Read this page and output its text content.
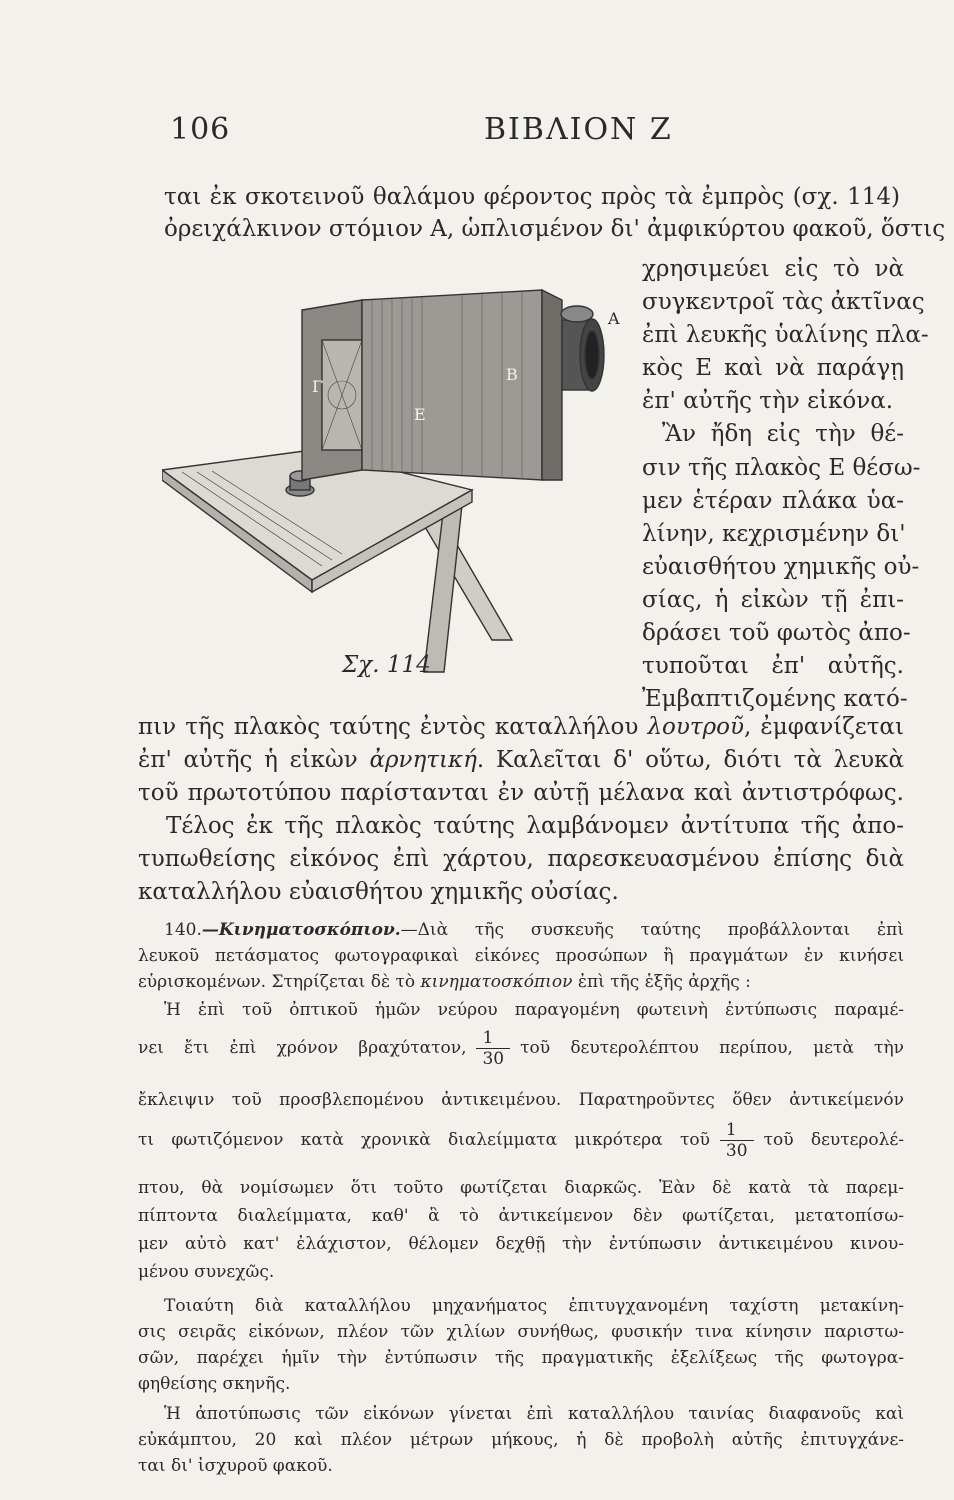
106	ΒΙΒΛΙΟΝ Ζ
ται ἐκ σκοτεινοῦ θαλάμου φέροντος πρὸς τὰ ἐμπρὸς (σχ. 114)
ὀρειχάλκινον στόμιον A, ὡπλισμένον δι' ἀμφικύρτου φακοῦ, ὅστις
χρησιμεύει εἰς τὸ νὰ
συγκεντροῖ τὰς ἀκτῖνας
ἐπὶ λευκῆς ὑαλίνης πλα-
κὸς E καὶ νὰ παράγῃ
ἐπ' αὐτῆς τὴν εἰκόνα.
Ἂν ἤδη εἰς τὴν θέ-
σιν τῆς πλακὸς E θέσω-
μεν ἑτέραν πλάκα ὑα-
λίνην, κεχρισμένην δι'
εὐαισθήτου χημικῆς οὐ-
σίας, ἡ εἰκὼν τῇ ἐπι-
δράσει τοῦ φωτὸς ἀπο-
τυποῦται ἐπ' αὐτῆς.
Ἐμβαπτιζομένης κατό-
Γ
E
B
A
Σχ. 114
πιν τῆς πλακὸς ταύτης ἐντὸς καταλλήλου λουτροῦ, ἐμφανίζεται
ἐπ' αὐτῆς ἡ εἰκὼν ἀρνητική. Καλεῖται δ' οὕτω, διότι τὰ λευκὰ
τοῦ πρωτοτύπου παρίστανται ἐν αὐτῇ μέλανα καὶ ἀντιστρόφως.
Τέλος ἐκ τῆς πλακὸς ταύτης λαμβάνομεν ἀντίτυπα τῆς ἀπο-
τυπωθείσης εἰκόνος ἐπὶ χάρτου, παρεσκευασμένου ἐπίσης διὰ
καταλλήλου εὐαισθήτου χημικῆς οὐσίας.
140.—Κινηματοσκόπιον.—Διὰ τῆς συσκευῆς ταύτης προβάλλονται ἐπὶ
λευκοῦ πετάσματος φωτογραφικαὶ εἰκόνες προσώπων ἢ πραγμάτων ἐν κινήσει
εὑρισκομένων. Στηρίζεται δὲ τὸ κινηματοσκόπιον ἐπὶ τῆς ἑξῆς ἀρχῆς :
Ἡ ἐπὶ τοῦ ὀπτικοῦ ἡμῶν νεύρου παραγομένη φωτεινὴ ἐντύπωσις παραμέ-
νει ἔτι ἐπὶ χρόνον βραχύτατον, $\frac{1}{30}$ τοῦ δευτερολέπτου περίπου, μετὰ τὴν
ἔκλειψιν τοῦ προσβλεπομένου ἀντικειμένου. Παρατηροῦντες ὅθεν ἀντικείμενόν
τι φωτιζόμενον κατὰ χρονικὰ διαλείμματα μικρότερα τοῦ $\frac{1}{30}$ τοῦ δευτερολέ-
πτου, θὰ νομίσωμεν ὅτι τοῦτο φωτίζεται διαρκῶς. Ἐὰν δὲ κατὰ τὰ παρεμ-
πίπτοντα διαλείμματα, καθ' ἃ τὸ ἀντικείμενον δὲν φωτίζεται, μετατοπίσω-
μεν αὐτὸ κατ' ἐλάχιστον, θέλομεν δεχθῇ τὴν ἐντύπωσιν ἀντικειμένου κινου-
μένου συνεχῶς.
Τοιαύτη διὰ καταλλήλου μηχανήματος ἐπιτυγχανομένη ταχίστη μετακίνη-
σις σειρᾶς εἰκόνων, πλέον τῶν χιλίων συνήθως, φυσικήν τινα κίνησιν παριστω-
σῶν, παρέχει ἡμῖν τὴν ἐντύπωσιν τῆς πραγματικῆς ἐξελίξεως τῆς φωτογρα-
φηθείσης σκηνῆς.
Ἡ ἀποτύπωσις τῶν εἰκόνων γίνεται ἐπὶ καταλλήλου ταινίας διαφανοῦς καὶ
εὐκάμπτου, 20 καὶ πλέον μέτρων μήκους, ἡ δὲ προβολὴ αὐτῆς ἐπιτυγχάνε-
ται δι' ἰσχυροῦ φακοῦ.
